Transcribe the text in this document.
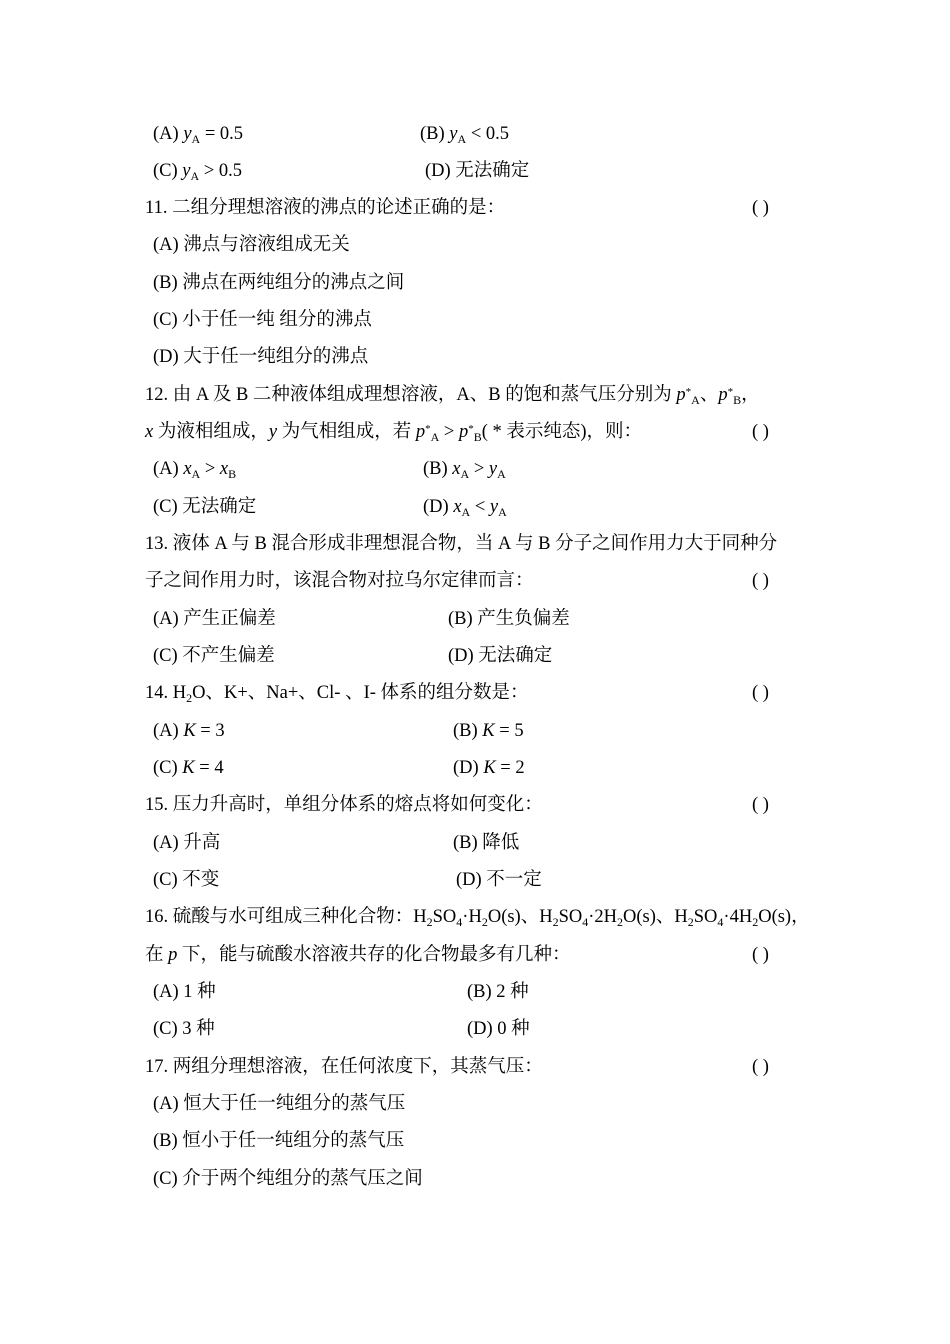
(A) $y_A = 0.5$	(B) $y_A < 0.5$
(C) $y_A > 0.5$	(D) 无法确定
11. 二组分理想溶液的沸点的论述正确的是：	( )
(A) 沸点与溶液组成无关
(B) 沸点在两纯组分的沸点之间
(C) 小于任一纯 组分的沸点
(D) 大于任一纯组分的沸点
12. 由 A 及 B 二种液体组成理想溶液，A、B 的饱和蒸气压分别为 $p^*_A$、$p^*_B$，
x 为液相组成，y 为气相组成，若 $p^*_A > p^*_B$( * 表示纯态)，则：	( )
(A) $x_A > x_B$	(B) $x_A > y_A$
(C) 无法确定	(D) $x_A < y_A$
13. 液体 A 与 B 混合形成非理想混合物，当 A 与 B 分子之间作用力大于同种分
子之间作用力时，该混合物对拉乌尔定律而言：	( )
(A) 产生正偏差	(B) 产生负偏差
(C) 不产生偏差	(D) 无法确定
14. $H_2O$、K+、Na+、Cl- 、I- 体系的组分数是：	( )
(A) K = 3	(B) K = 5
(C) K = 4	(D) K = 2
15. 压力升高时，单组分体系的熔点将如何变化：	( )
(A) 升高	(B) 降低
(C) 不变	(D) 不一定
16. 硫酸与水可组成三种化合物：$H_2SO_4\cdot H_2O(s)$、$H_2SO_4\cdot 2H_2O(s)$、$H_2SO_4\cdot 4H_2O(s)$，
在 p 下，能与硫酸水溶液共存的化合物最多有几种：	( )
(A) 1 种	(B) 2 种
(C) 3 种	(D) 0 种
17. 两组分理想溶液，在任何浓度下，其蒸气压：	( )
(A) 恒大于任一纯组分的蒸气压
(B) 恒小于任一纯组分的蒸气压
(C) 介于两个纯组分的蒸气压之间
